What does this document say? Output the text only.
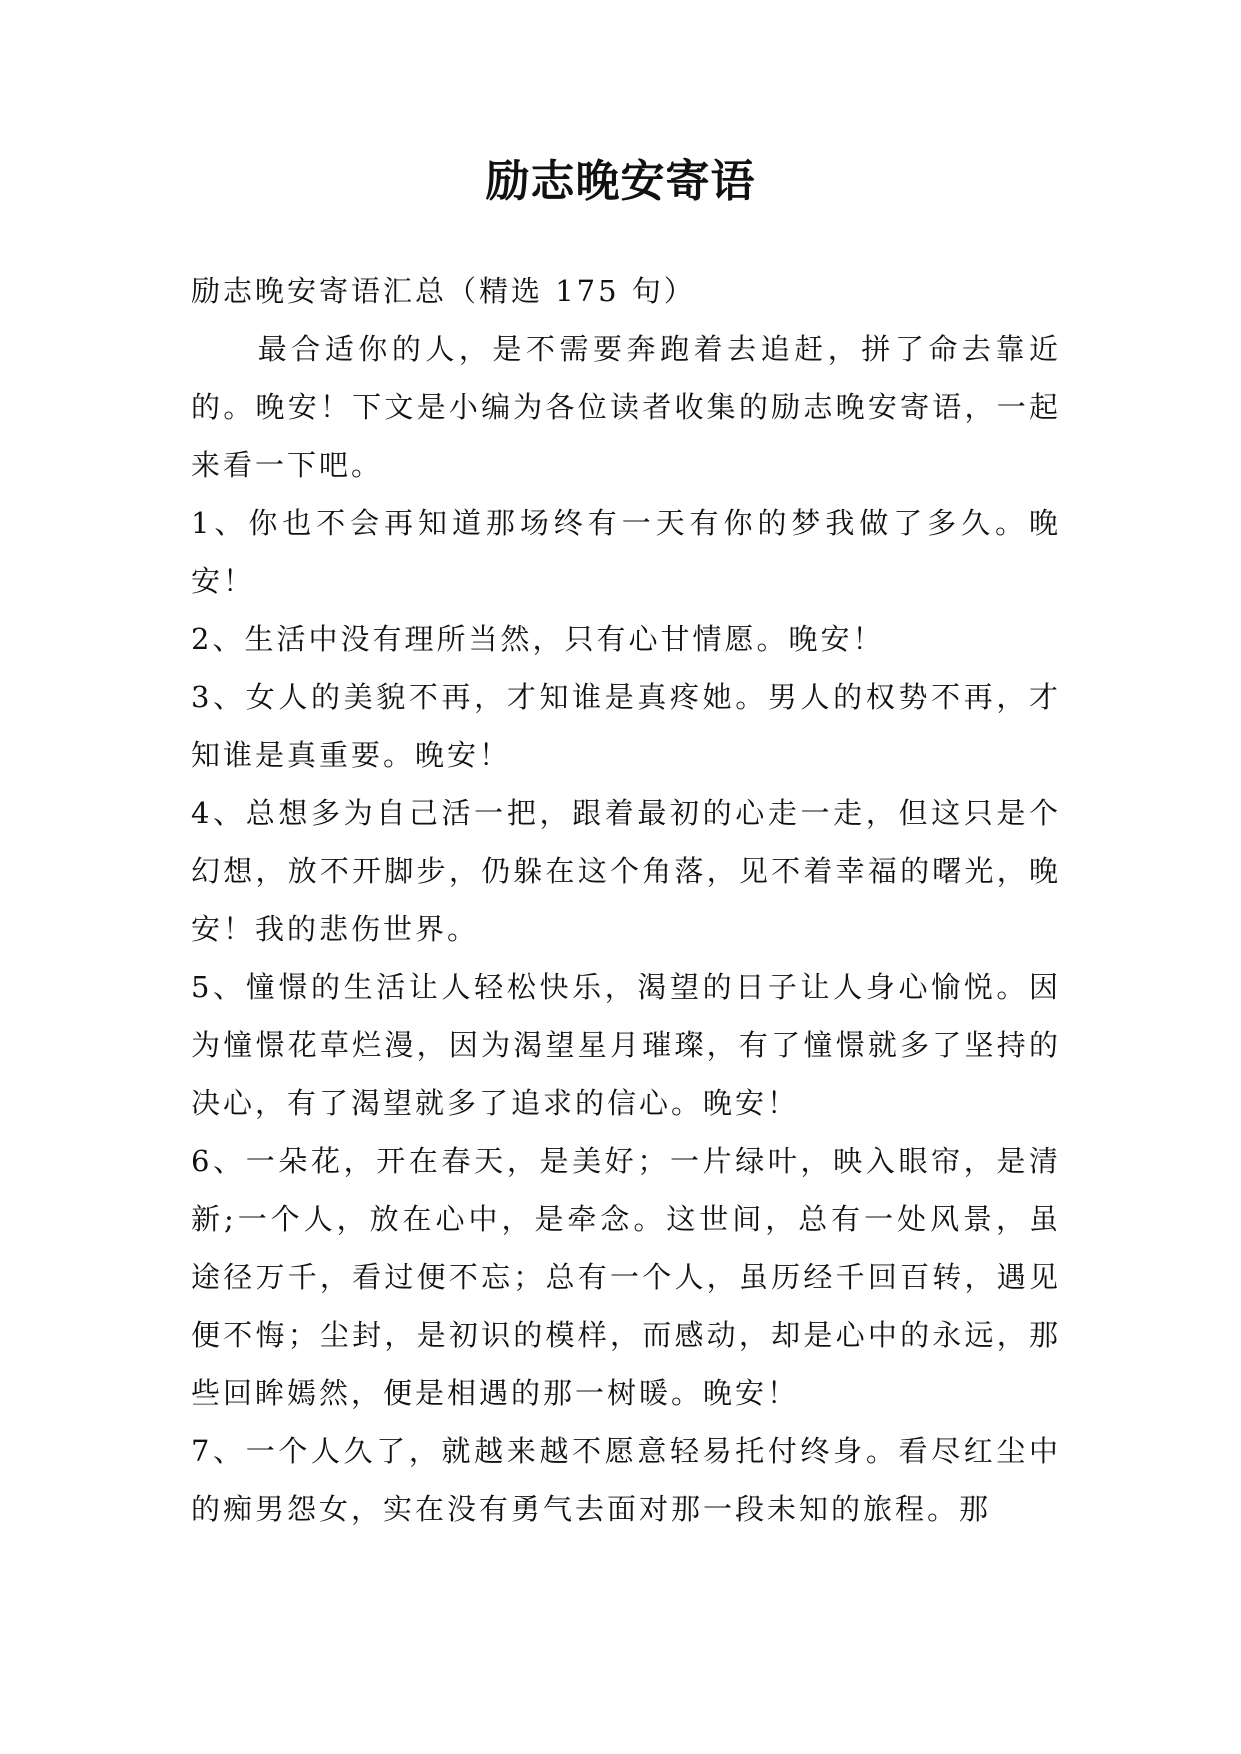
励志晚安寄语

励志晚安寄语汇总（精选 175 句）

最合适你的人，是不需要奔跑着去追赶，拼了命去靠近的。晚安！下文是小编为各位读者收集的励志晚安寄语，一起来看一下吧。

1、你也不会再知道那场终有一天有你的梦我做了多久。晚安！

2、生活中没有理所当然，只有心甘情愿。晚安！

3、女人的美貌不再，才知谁是真疼她。男人的权势不再，才知谁是真重要。晚安！

4、总想多为自己活一把，跟着最初的心走一走，但这只是个幻想，放不开脚步，仍躲在这个角落，见不着幸福的曙光，晚安！我的悲伤世界。

5、憧憬的生活让人轻松快乐，渴望的日子让人身心愉悦。因为憧憬花草烂漫，因为渴望星月璀璨，有了憧憬就多了坚持的决心，有了渴望就多了追求的信心。晚安！

6、一朵花，开在春天，是美好；一片绿叶，映入眼帘，是清新;一个人，放在心中，是牵念。这世间，总有一处风景，虽途径万千，看过便不忘；总有一个人，虽历经千回百转，遇见便不悔；尘封，是初识的模样，而感动，却是心中的永远，那些回眸嫣然，便是相遇的那一树暖。晚安！

7、一个人久了，就越来越不愿意轻易托付终身。看尽红尘中的痴男怨女，实在没有勇气去面对那一段未知的旅程。那
